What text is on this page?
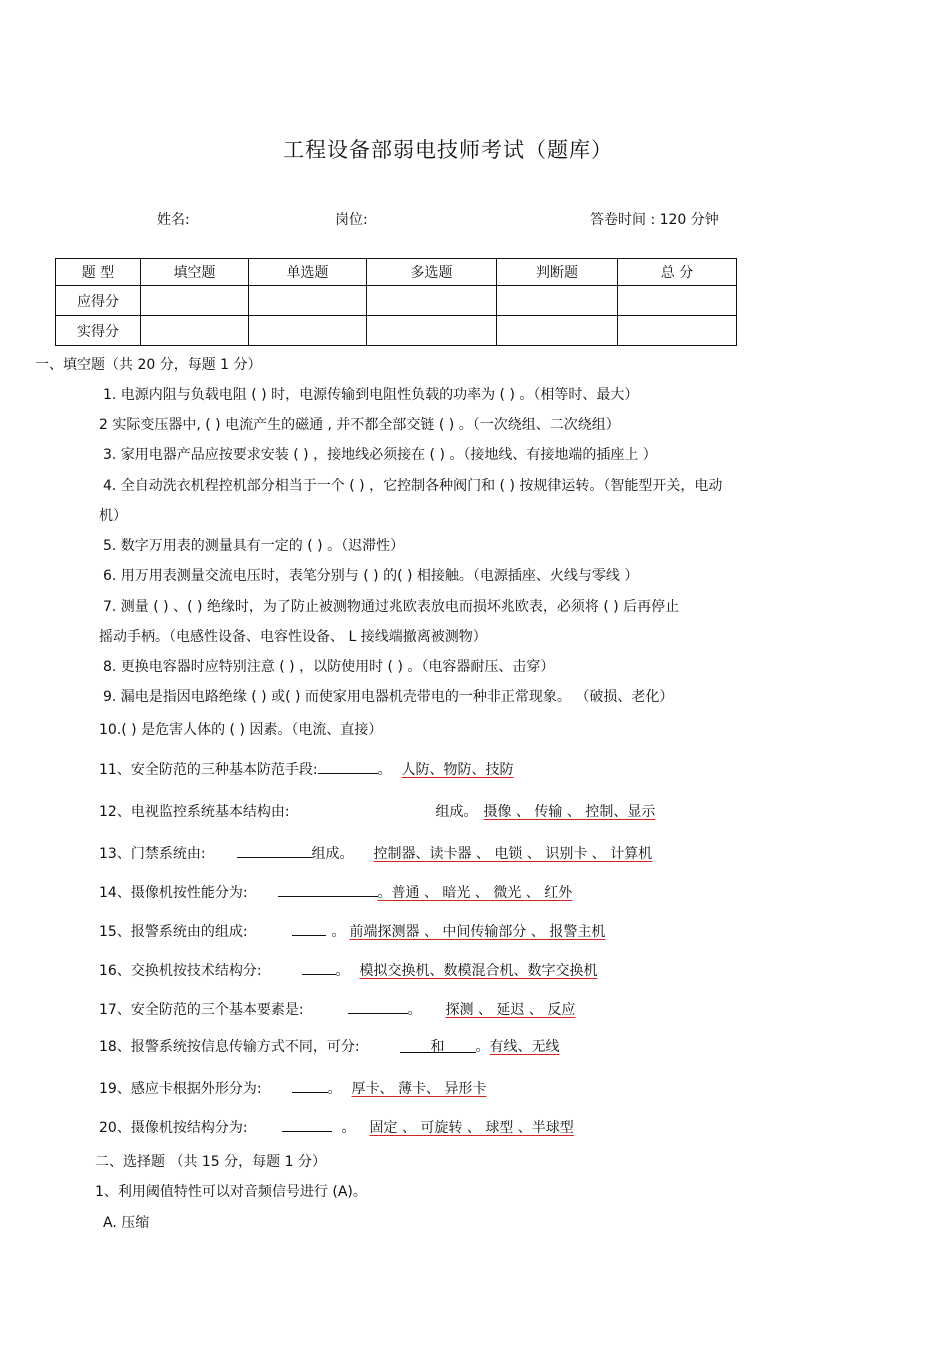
工程设备部弱电技师考试（题库）
姓名:	岗位:	答卷时间 : 120 分钟
题 型	填空题	单选题	多选题	判断题	总 分
应得分					
实得分					
一、填空题（共 20 分，每题 1 分）
1. 电源内阻与负载电阻 ( ) 时，电源传输到电阻性负载的功率为 ( ) 。（相等时、最大）
2 实际变压器中, ( ) 电流产生的磁通 , 并不都全部交链 ( ) 。（一次绕组、二次绕组）
3. 家用电器产品应按要求安装 ( ) ，接地线必须接在 ( ) 。（接地线、有接地端的插座上 ）
4. 全自动洗衣机程控机部分相当于一个 ( ) ，它控制各种阀门和 ( ) 按规律运转。（智能型开关，电动
机）
5. 数字万用表的测量具有一定的 ( ) 。（迟滞性）
6. 用万用表测量交流电压时，表笔分别与 ( ) 的( ) 相接触。（电源插座、火线与零线 ）
7. 测量 ( ) 、( ) 绝缘时，为了防止被测物通过兆欧表放电而损坏兆欧表，必须将 ( ) 后再停止
摇动手柄。（电感性设备、电容性设备、 L 接线端撤离被测物）
8. 更换电容器时应特别注意 ( ) ，以防使用时 ( ) 。（电容器耐压、击穿）
9. 漏电是指因电路绝缘 ( ) 或( ) 而使家用电器机壳带电的一种非正常现象。 （破损、老化）
10.( ) 是危害人体的 ( ) 因素。（电流、直接）
11、安全防范的三种基本防范手段:	。 人防、物防、技防
12、电视监控系统基本结构由:	组成。 摄像 、 传输 、 控制、显示
13、门禁系统由:	组成。 控制器、读卡器 、 电锁 、 识别卡 、 计算机
14、摄像机按性能分为:	。普通 、 暗光 、 微光 、 红外
15、报警系统由的组成:	。 前端探测器 、 中间传输部分 、 报警主机
16、交换机按技术结构分:	。 模拟交换机、数模混合机、数字交换机
17、安全防范的三个基本要素是:	。 探测 、 延迟 、 反应
18、报警系统按信息传输方式不同，可分:	和 。有线、无线
19、感应卡根据外形分为:	。 厚卡、 薄卡、 异形卡
20、摄像机按结构分为:	。 固定 、 可旋转 、 球型 、半球型
二、选择题 （共 15 分，每题 1 分）
1、利用阈值特性可以对音频信号进行 (A)。
A. 压缩
